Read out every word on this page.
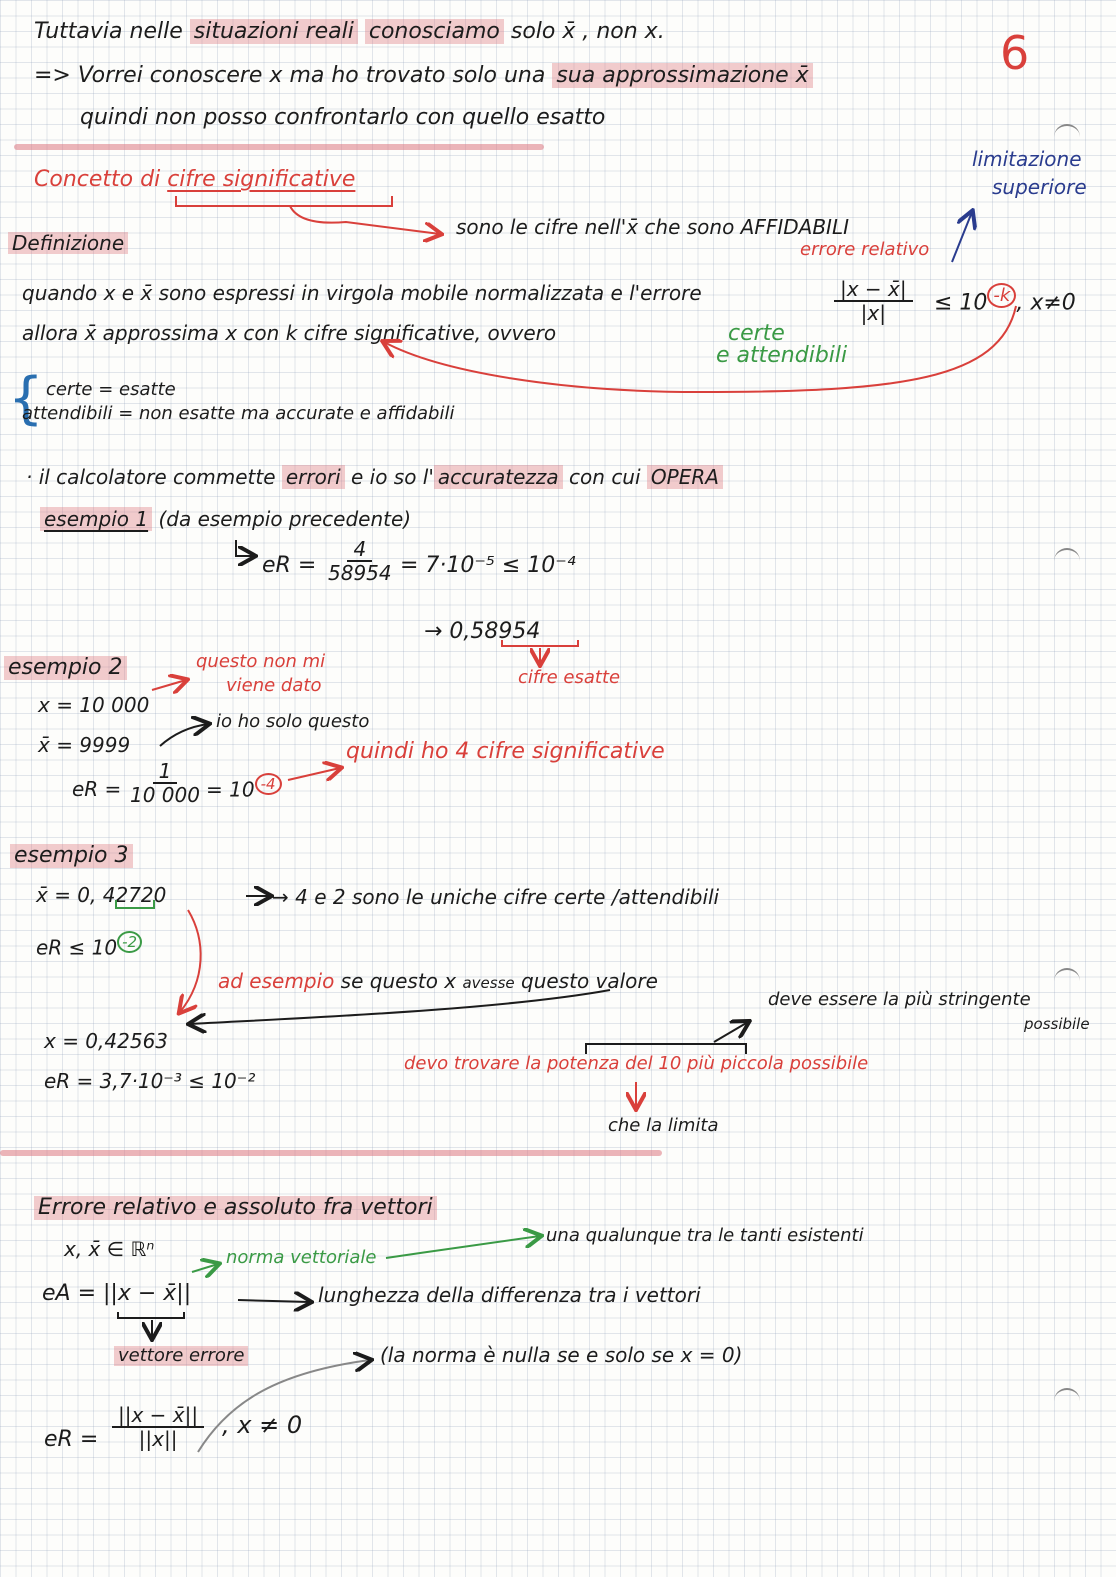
6
limitazione
superiore
Tuttavia nelle situazioni reali conosciamo solo x̄ , non x.
=> Vorrei conoscere x ma ho trovato solo una sua approssimazione x̄
quindi non posso confrontarlo con quello esatto
Concetto di cifre significative
sono le cifre nell'x̄ che sono AFFIDABILI
Definizione	errore relativo
quando x e x̄ sono espressi in virgola mobile normalizzata e l'errore	$\frac{|x - x̄|}{|x|} \le 10$ $^{-k}$ , x≠0
allora x̄ approssima x con k cifre significative, ovvero	certe
e attendibili
{ certe = esatte
attendibili = non esatte ma accurate e affidabili
· il calcolatore commette errori e io so l' accuratezza con cui OPERA
esempio 1 (da esempio precedente)
eR = $\frac{4}{58954} = 7\cdot 10^{-5} \le 10^{-4}$
→ 0,58954
cifre esatte
esempio 2	questo non mi
viene dato
x = 10 000
io ho solo questo
x̄ = 9999	quindi ho 4 cifre significative
eR = $\frac{1}{10 000} = 10$ $^{-4}$
esempio 3
x̄ = 0, 42720	→ 4 e 2 sono le uniche cifre certe /attendibili
eR ≤ 10 $^{-2}$
ad esempio se questo x avesse questo valore
deve essere la più stringente
possibile
x = 0,42563
devo trovare la potenza del 10 più piccola possibile
eR = 3,7·10⁻³ ≤ 10⁻²
che la limita
Errore relativo e assoluto fra vettori
x, x̄ ∈ ℝⁿ	norma vettoriale
una qualunque tra le tanti esistenti
eA = ||x − x̄||	lunghezza della differenza tra i vettori
vettore errore	(la norma è nulla se e solo se x = 0)
eR = $\frac{||x - x̄||}{||x||}$ , x ≠ 0
